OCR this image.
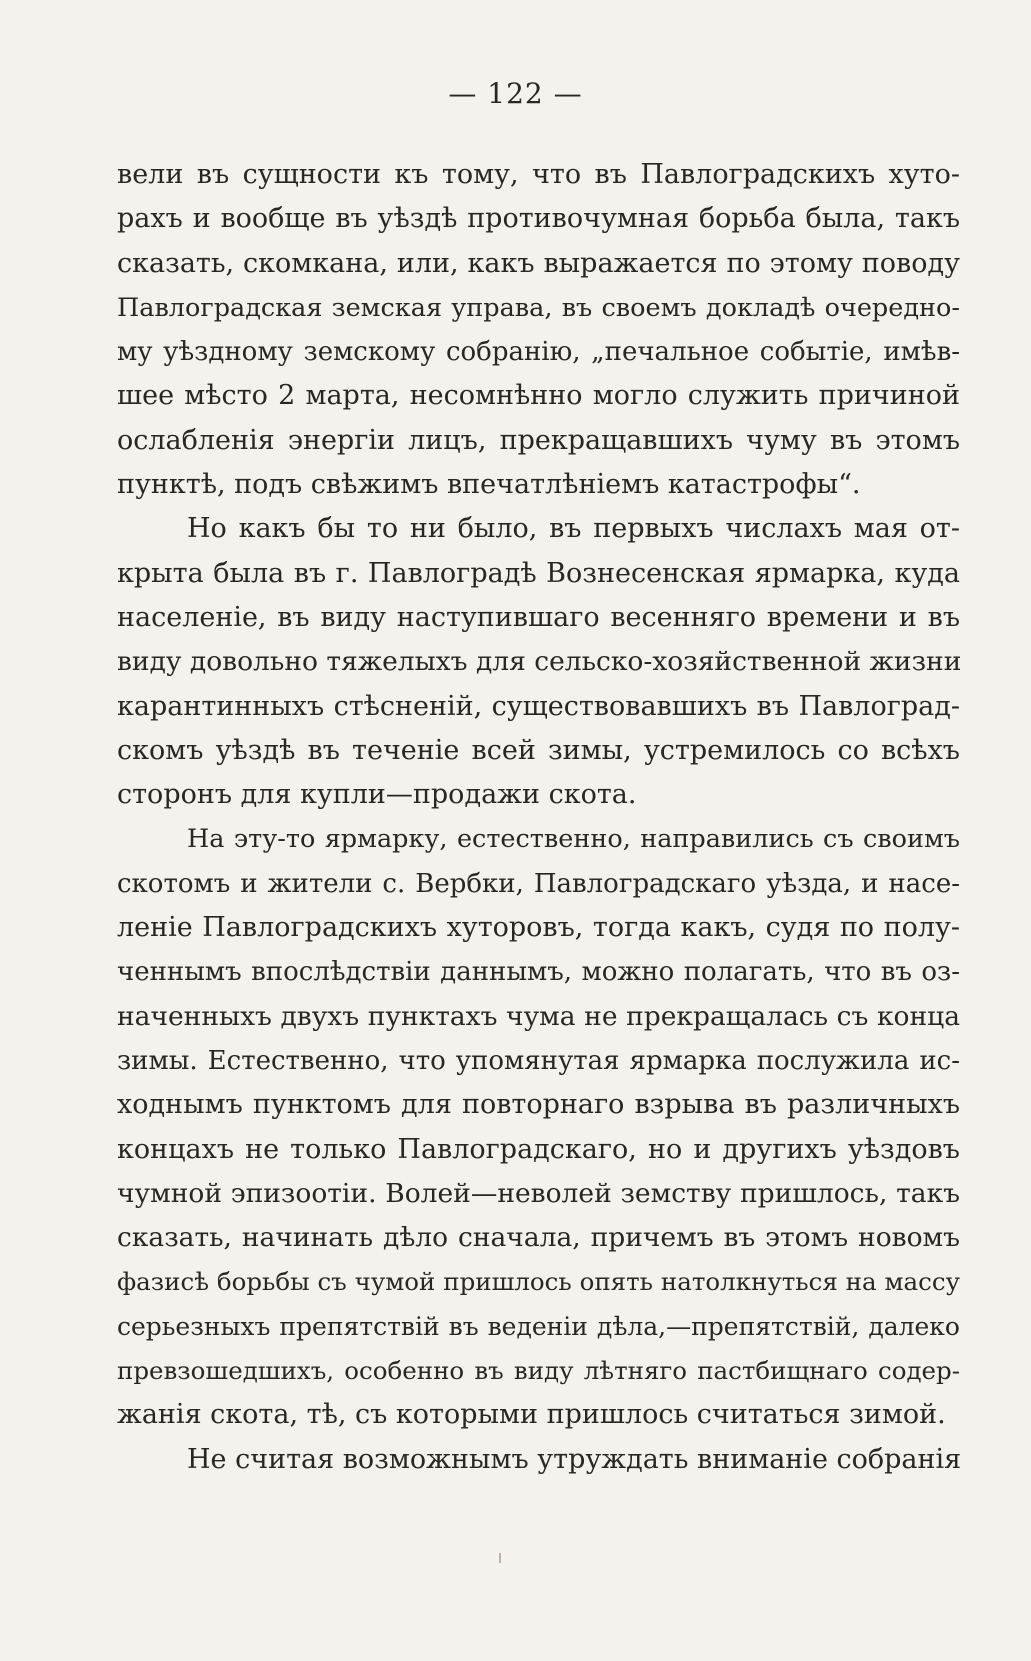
— 122 —
вели въ сущности къ тому, что въ Павлоградскихъ хуто-
рахъ и вообще въ уѣздѣ противочумная борьба была, такъ
сказать, скомкана, или, какъ выражается по этому поводу
Павлоградская земская управа, въ своемъ докладѣ очередно-
му уѣздному земскому собранію, „печальное событіе, имѣв-
шее мѣсто 2 марта, несомнѣнно могло служить причиной
ослабленія энергіи лицъ, прекращавшихъ чуму въ этомъ
пунктѣ, подъ свѣжимъ впечатлѣніемъ катастрофы“.
Но какъ бы то ни было, въ первыхъ числахъ мая от-
крыта была въ г. Павлоградѣ Вознесенская ярмарка, куда
населеніе, въ виду наступившаго весенняго времени и въ
виду довольно тяжелыхъ для сельско-хозяйственной жизни
карантинныхъ стѣсненій, существовавшихъ въ Павлоград-
скомъ уѣздѣ въ теченіе всей зимы, устремилось со всѣхъ
сторонъ для купли—продажи скота.
На эту-то ярмарку, естественно, направились съ своимъ
скотомъ и жители с. Вербки, Павлоградскаго уѣзда, и насе-
леніе Павлоградскихъ хуторовъ, тогда какъ, судя по полу-
ченнымъ впослѣдствіи даннымъ, можно полагать, что въ оз-
наченныхъ двухъ пунктахъ чума не прекращалась съ конца
зимы. Естественно, что упомянутая ярмарка послужила ис-
ходнымъ пунктомъ для повторнаго взрыва въ различныхъ
концахъ не только Павлоградскаго, но и другихъ уѣздовъ
чумной эпизоотіи. Волей—неволей земству пришлось, такъ
сказать, начинать дѣло сначала, причемъ въ этомъ новомъ
фазисѣ борьбы съ чумой пришлось опять натолкнуться на массу
серьезныхъ препятствій въ веденіи дѣла,—препятствій, далеко
превзошедшихъ, особенно въ виду лѣтняго пастбищнаго содер-
жанія скота, тѣ, съ которыми пришлось считаться зимой.
Не считая возможнымъ утруждать вниманіе собранія
